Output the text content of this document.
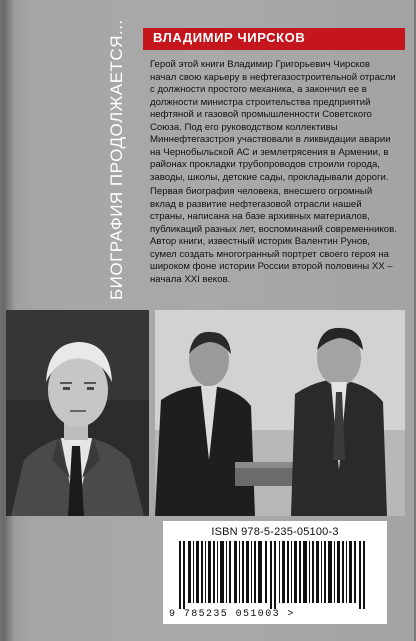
БИОГРАФИЯ ПРОДОЛЖАЕТСЯ...	ВЛАДИМИР ЧИРСКОВ

Герой этой книги Владимир Григорьевич Чирсков начал свою карьеру в нефтегазостроительной отрасли с должности простого механика, а закончил ее в должности министра строительства предприятий нефтяной и газовой промышленности Советского Союза. Под его руководством коллективы Миннефтегазстроя участвовали в ликвидации аварии на Чернобыльской АС и землетрясения в Армении, в районах прокладки трубопроводов строили города, заводы, школы, детские сады, прокладывали дороги.

Первая биография человека, внесшего огромный вклад в развитие нефтегазовой отрасли нашей страны, написана на базе архивных материалов, публикаций разных лет, воспоминаний современников. Автор книги, известный историк Валентин Рунов, сумел создать многогранный портрет своего героя на широком фоне истории России второй половины XX – начала XXI веков.

ISBN 978-5-235-05100-3
9 785235 051003 >
